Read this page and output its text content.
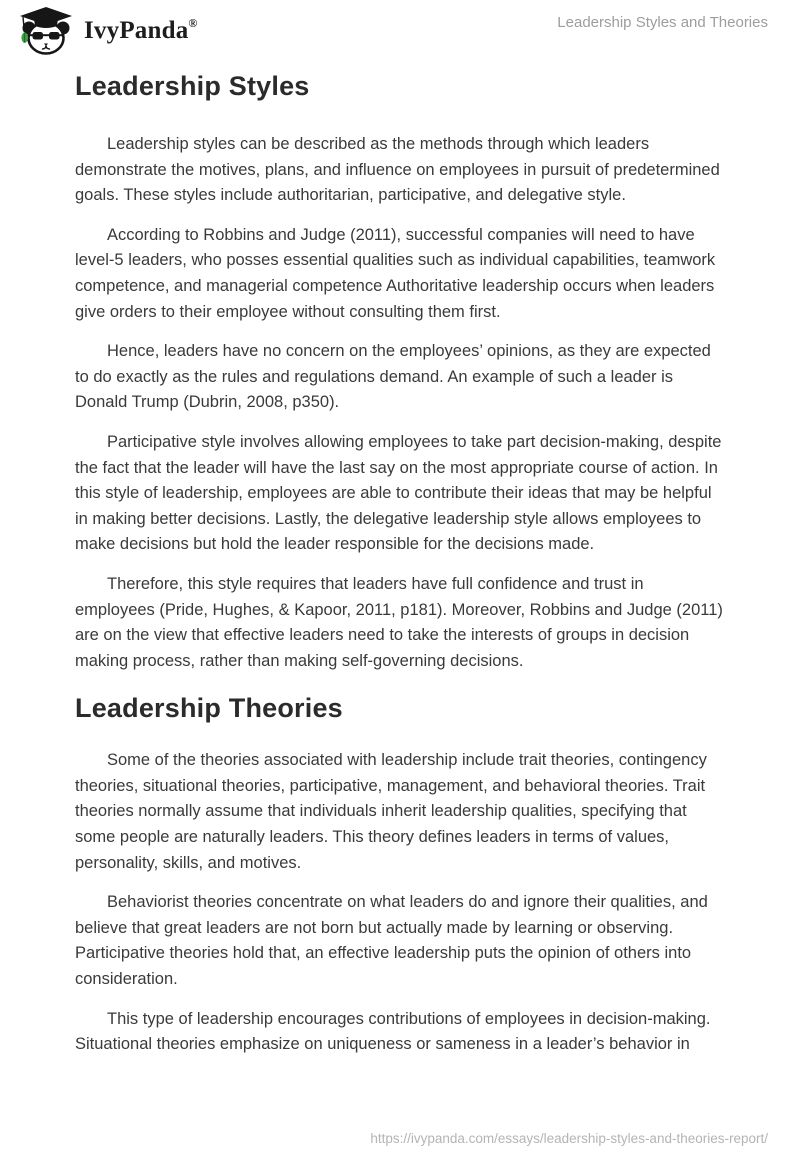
IvyPanda®	Leadership Styles and Theories
Leadership Styles

Leadership styles can be described as the methods through which leaders demonstrate the motives, plans, and influence on employees in pursuit of predetermined goals. These styles include authoritarian, participative, and delegative style.

According to Robbins and Judge (2011), successful companies will need to have level-5 leaders, who posses essential qualities such as individual capabilities, teamwork competence, and managerial competence Authoritative leadership occurs when leaders give orders to their employee without consulting them first.

Hence, leaders have no concern on the employees’ opinions, as they are expected to do exactly as the rules and regulations demand. An example of such a leader is Donald Trump (Dubrin, 2008, p350).

Participative style involves allowing employees to take part decision-making, despite the fact that the leader will have the last say on the most appropriate course of action. In this style of leadership, employees are able to contribute their ideas that may be helpful in making better decisions. Lastly, the delegative leadership style allows employees to make decisions but hold the leader responsible for the decisions made.

Therefore, this style requires that leaders have full confidence and trust in employees (Pride, Hughes, & Kapoor, 2011, p181). Moreover, Robbins and Judge (2011) are on the view that effective leaders need to take the interests of groups in decision making process, rather than making self-governing decisions.

Leadership Theories

Some of the theories associated with leadership include trait theories, contingency theories, situational theories, participative, management, and behavioral theories. Trait theories normally assume that individuals inherit leadership qualities, specifying that some people are naturally leaders. This theory defines leaders in terms of values, personality, skills, and motives.

Behaviorist theories concentrate on what leaders do and ignore their qualities, and believe that great leaders are not born but actually made by learning or observing. Participative theories hold that, an effective leadership puts the opinion of others into consideration.

This type of leadership encourages contributions of employees in decision-making. Situational theories emphasize on uniqueness or sameness in a leader’s behavior in

https://ivypanda.com/essays/leadership-styles-and-theories-report/
